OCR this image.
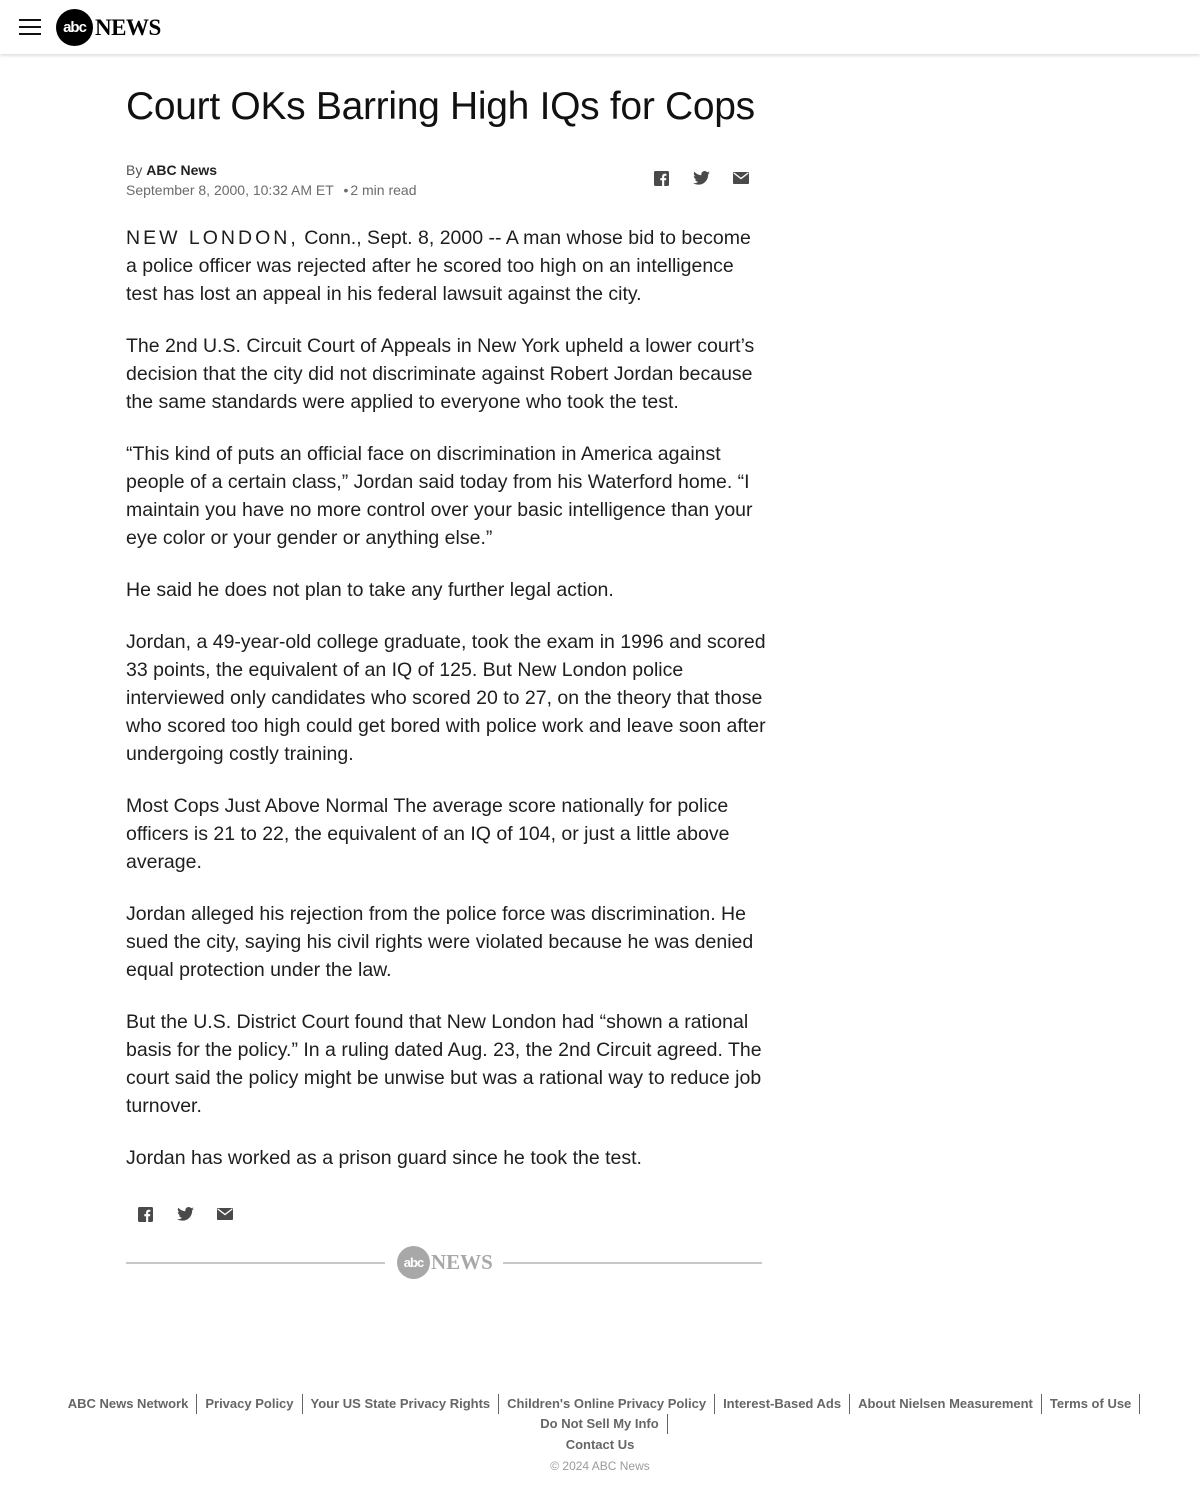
abc NEWS
Court OKs Barring High IQs for Cops
By ABC News
September 8, 2000, 10:32 AM ET • 2 min read

NEW LONDON, Conn., Sept. 8, 2000 -- A man whose bid to become a police officer was rejected after he scored too high on an intelligence test has lost an appeal in his federal lawsuit against the city.

The 2nd U.S. Circuit Court of Appeals in New York upheld a lower court’s decision that the city did not discriminate against Robert Jordan because the same standards were applied to everyone who took the test.

“This kind of puts an official face on discrimination in America against people of a certain class,” Jordan said today from his Waterford home. “I maintain you have no more control over your basic intelligence than your eye color or your gender or anything else.”

He said he does not plan to take any further legal action.

Jordan, a 49-year-old college graduate, took the exam in 1996 and scored 33 points, the equivalent of an IQ of 125. But New London police interviewed only candidates who scored 20 to 27, on the theory that those who scored too high could get bored with police work and leave soon after undergoing costly training.

Most Cops Just Above Normal The average score nationally for police officers is 21 to 22, the equivalent of an IQ of 104, or just a little above average.

Jordan alleged his rejection from the police force was discrimination. He sued the city, saying his civil rights were violated because he was denied equal protection under the law.

But the U.S. District Court found that New London had “shown a rational basis for the policy.” In a ruling dated Aug. 23, the 2nd Circuit agreed. The court said the policy might be unwise but was a rational way to reduce job turnover.

Jordan has worked as a prison guard since he took the test.

abc NEWS
ABC News Network	Privacy Policy	Your US State Privacy Rights	Children's Online Privacy Policy	Interest-Based Ads	About Nielsen Measurement	Terms of Use
Do Not Sell My Info
Contact Us
© 2024 ABC News
